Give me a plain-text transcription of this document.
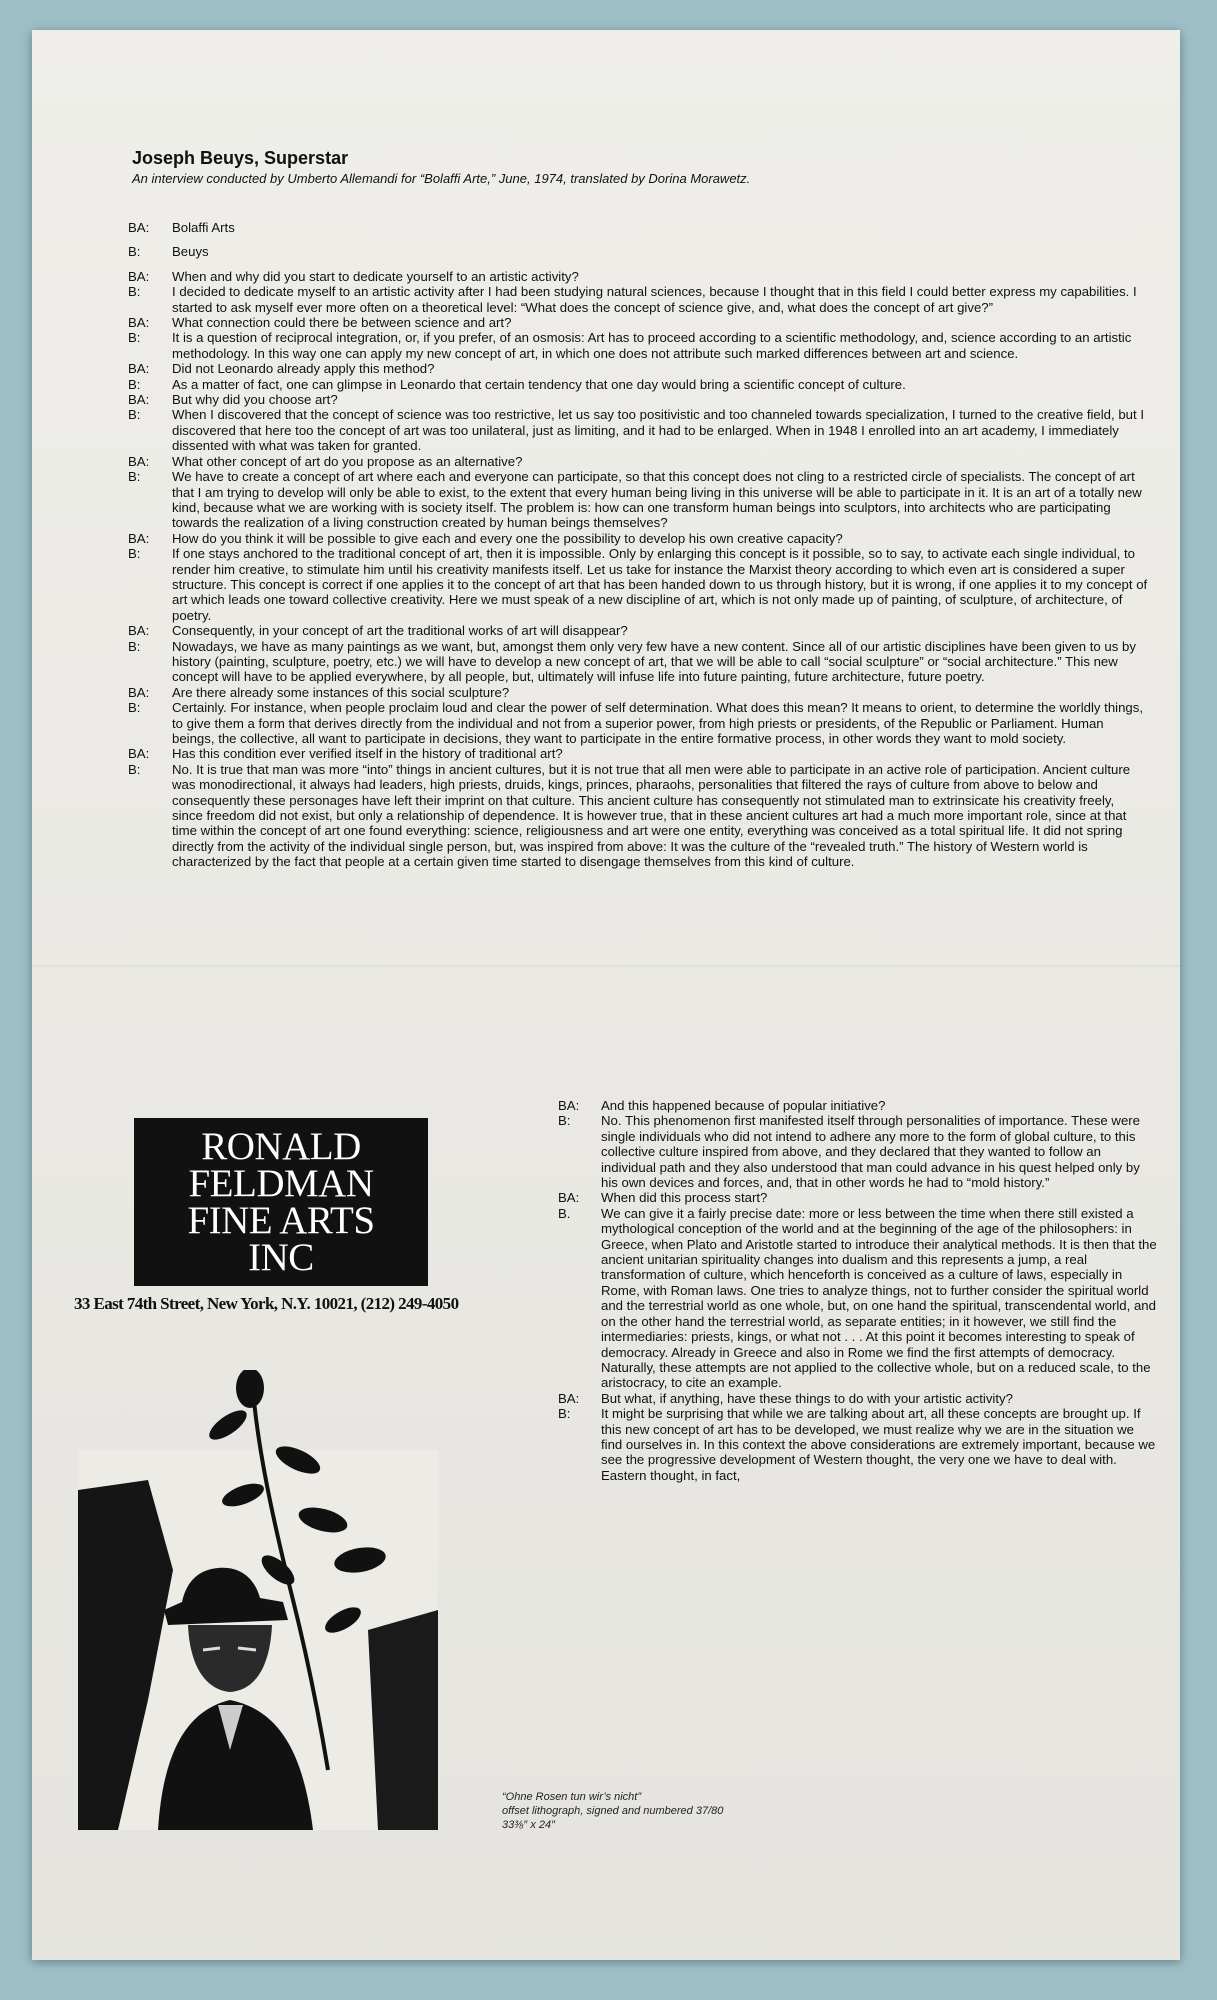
Joseph Beuys, Superstar

An interview conducted by Umberto Allemandi for “Bolaffi Arte,” June, 1974, translated by Dorina Morawetz.

BA:	Bolaffi Arts
B:	Beuys
BA:	When and why did you start to dedicate yourself to an artistic activity?
B:	I decided to dedicate myself to an artistic activity after I had been studying natural sciences, because I thought that in this field I could better express my capabilities. I started to ask myself ever more often on a theoretical level: “What does the concept of science give, and, what does the concept of art give?”
BA:	What connection could there be between science and art?
B:	It is a question of reciprocal integration, or, if you prefer, of an osmosis: Art has to proceed according to a scientific methodology, and, science according to an artistic methodology. In this way one can apply my new concept of art, in which one does not attribute such marked differences between art and science.
BA:	Did not Leonardo already apply this method?
B:	As a matter of fact, one can glimpse in Leonardo that certain tendency that one day would bring a scientific concept of culture.
BA:	But why did you choose art?
B:	When I discovered that the concept of science was too restrictive, let us say too positivistic and too channeled towards specialization, I turned to the creative field, but I discovered that here too the concept of art was too unilateral, just as limiting, and it had to be enlarged. When in 1948 I enrolled into an art academy, I immediately dissented with what was taken for granted.
BA:	What other concept of art do you propose as an alternative?
B:	We have to create a concept of art where each and everyone can participate, so that this concept does not cling to a restricted circle of specialists. The concept of art that I am trying to develop will only be able to exist, to the extent that every human being living in this universe will be able to participate in it. It is an art of a totally new kind, because what we are working with is society itself. The problem is: how can one transform human beings into sculptors, into architects who are participating towards the realization of a living construction created by human beings themselves?
BA:	How do you think it will be possible to give each and every one the possibility to develop his own creative capacity?
B:	If one stays anchored to the traditional concept of art, then it is impossible. Only by enlarging this concept is it possible, so to say, to activate each single individual, to render him creative, to stimulate him until his creativity manifests itself. Let us take for instance the Marxist theory according to which even art is considered a super structure. This concept is correct if one applies it to the concept of art that has been handed down to us through history, but it is wrong, if one applies it to my concept of art which leads one toward collective creativity. Here we must speak of a new discipline of art, which is not only made up of painting, of sculpture, of architecture, of poetry.
BA:	Consequently, in your concept of art the traditional works of art will disappear?
B:	Nowadays, we have as many paintings as we want, but, amongst them only very few have a new content. Since all of our artistic disciplines have been given to us by history (painting, sculpture, poetry, etc.) we will have to develop a new concept of art, that we will be able to call “social sculpture” or “social architecture.” This new concept will have to be applied everywhere, by all people, but, ultimately will infuse life into future painting, future architecture, future poetry.
BA:	Are there already some instances of this social sculpture?
B:	Certainly. For instance, when people proclaim loud and clear the power of self determination. What does this mean? It means to orient, to determine the worldly things, to give them a form that derives directly from the individual and not from a superior power, from high priests or presidents, of the Republic or Parliament. Human beings, the collective, all want to participate in decisions, they want to participate in the entire formative process, in other words they want to mold society.
BA:	Has this condition ever verified itself in the history of traditional art?
B:	No. It is true that man was more “into” things in ancient cultures, but it is not true that all men were able to participate in an active role of participation. Ancient culture was monodirectional, it always had leaders, high priests, druids, kings, princes, pharaohs, personalities that filtered the rays of culture from above to below and consequently these personages have left their imprint on that culture. This ancient culture has consequently not stimulated man to extrinsicate his creativity freely, since freedom did not exist, but only a relationship of dependence. It is however true, that in these ancient cultures art had a much more important role, since at that time within the concept of art one found everything: science, religiousness and art were one entity, everything was conceived as a total spiritual life. It did not spring directly from the activity of the individual single person, but, was inspired from above: It was the culture of the “revealed truth.” The history of Western world is characterized by the fact that people at a certain given time started to disengage themselves from this kind of culture.
RONALD
FELDMAN
FINE ARTS
INC
33 East 74th Street, New York, N.Y. 10021, (212) 249-4050
BA:	And this happened because of popular initiative?
B:	No. This phenomenon first manifested itself through personalities of importance. These were single individuals who did not intend to adhere any more to the form of global culture, to this collective culture inspired from above, and they declared that they wanted to follow an individual path and they also understood that man could advance in his quest helped only by his own devices and forces, and, that in other words he had to “mold history.”
BA:	When did this process start?
B.	We can give it a fairly precise date: more or less between the time when there still existed a mythological conception of the world and at the beginning of the age of the philosophers: in Greece, when Plato and Aristotle started to introduce their analytical methods. It is then that the ancient unitarian spirituality changes into dualism and this represents a jump, a real transformation of culture, which henceforth is conceived as a culture of laws, especially in Rome, with Roman laws. One tries to analyze things, not to further consider the spiritual world and the terrestrial world as one whole, but, on one hand the spiritual, transcendental world, and on the other hand the terrestrial world, as separate entities; in it however, we still find the intermediaries: priests, kings, or what not . . . At this point it becomes interesting to speak of democracy. Already in Greece and also in Rome we find the first attempts of democracy. Naturally, these attempts are not applied to the collective whole, but on a reduced scale, to the aristocracy, to cite an example.
BA:	But what, if anything, have these things to do with your artistic activity?
B:	It might be surprising that while we are talking about art, all these concepts are brought up. If this new concept of art has to be developed, we must realize why we are in the situation we find ourselves in. In this context the above considerations are extremely important, because we see the progressive development of Western thought, the very one we have to deal with. Eastern thought, in fact,
“Ohne Rosen tun wir’s nicht”
offset lithograph, signed and numbered 37/80
33⅜″ x 24″
